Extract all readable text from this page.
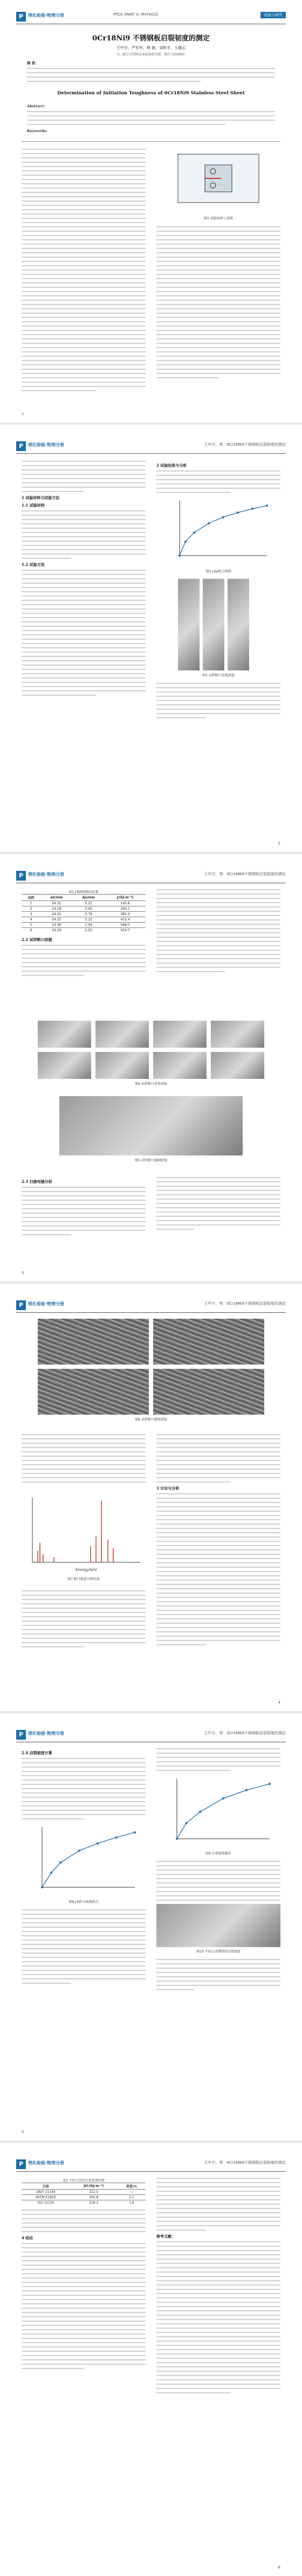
P	理化检验·物理分册	PTCA (PART A: PHYSICS)	试验与研究
0Cr18Ni9 不锈钢板启裂韧度的测定
王中宇，严东军，林 晨，刘昕宇，王德云
（1. 烟台市特种设备检验研究院，烟台 264000）
摘 要：
Determination of Initiation Toughness of 0Cr18Ni9 Stainless Steel Sheet
Abstract:
Keywords:
图1 试验取样示意图
1
P	理化检验·物理分册	王中宇，等：0Cr18Ni9不锈钢板启裂韧度的测定
1 试验材料与试验方法
1.1 试验材料
1.2 试验方法
2 试验结果与分析
图2 J-Δa阻力曲线
图3 试样断口宏观形貌
2
P	理化检验·物理分册	王中宇，等：0Cr18Ni9不锈钢板启裂韧度的测定
表1 J-R曲线测试结果
试样	a0/mm	Δa/mm	J/(kJ·m⁻²)
1	24.32	0.21	145.6
2	24.18	0.45	263.1
3	24.41	0.78	381.9
4	24.25	1.12	472.4
5	24.36	1.54	568.0
6	24.29	2.03	659.7
2.2 试样断口形貌
图4 试样断口宏观形貌
图5 试样断口SEM形貌
2.3 扫描电镜分析
3
P	理化检验·物理分册	王中宇，等：0Cr18Ni9不锈钢板启裂韧度的测定
图6 试样断口微观形貌
3 讨论与分析
Energy/keV
图7 断口能谱分析结果
4
P	理化检验·物理分册	王中宇，等：0Cr18Ni9不锈钢板启裂韧度的测定
2.4 启裂韧度计算
图8 J-R阻力曲线拟合
图9 启裂韧度确定
图10 不同方法测得的启裂韧度
5
P	理化检验·物理分册	王中宇，等：0Cr18Ni9不锈钢板启裂韧度的测定
表2 不同方法的启裂韧度结果
方法	JIC/(kJ·m⁻²)	误差/%
GB/T 21143	312.5	—
ASTM E1820	305.8	2.1
ISO 12135	318.2	1.8
4 结论	参考文献：
6
